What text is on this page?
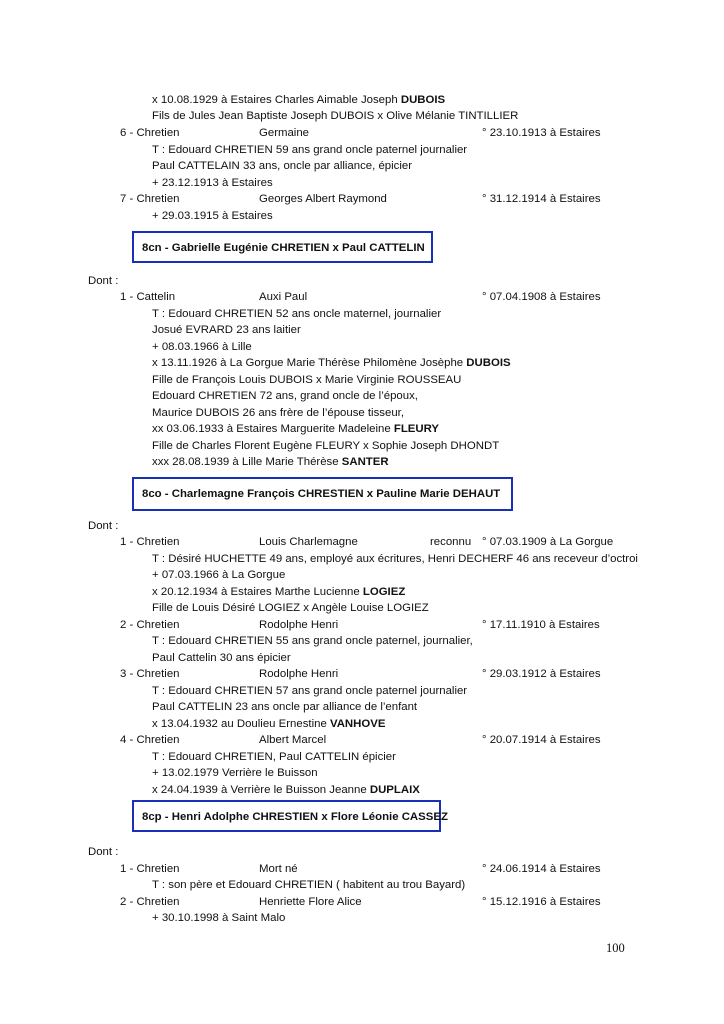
x 10.08.1929 à Estaires Charles Aimable Joseph DUBOIS
Fils de Jules Jean Baptiste Joseph DUBOIS x Olive Mélanie TINTILLIER
6 - Chretien	Germaine	° 23.10.1913 à Estaires
T : Edouard CHRETIEN 59 ans grand oncle paternel journalier
Paul CATTELAIN 33 ans, oncle par alliance, épicier
+ 23.12.1913 à Estaires
7 - Chretien	Georges Albert Raymond	° 31.12.1914 à Estaires
+ 29.03.1915 à Estaires
8cn - Gabrielle Eugénie CHRETIEN x Paul CATTELIN
Dont :
1 - Cattelin	Auxi Paul	° 07.04.1908 à Estaires
T : Edouard CHRETIEN 52 ans oncle maternel, journalier
Josué EVRARD 23 ans laitier
+ 08.03.1966 à Lille
x 13.11.1926 à La Gorgue Marie Thérèse Philomène Josèphe DUBOIS
Fille de François Louis DUBOIS x Marie Virginie ROUSSEAU
Edouard CHRETIEN 72 ans, grand oncle de l’époux,
Maurice DUBOIS 26 ans frère de l’épouse tisseur,
xx 03.06.1933 à Estaires Marguerite Madeleine FLEURY
Fille de Charles Florent Eugène FLEURY x Sophie Joseph DHONDT
xxx 28.08.1939 à Lille Marie Thérèse SANTER
8co - Charlemagne François CHRESTIEN x Pauline Marie DEHAUT
Dont :
1 - Chretien	Louis Charlemagne	reconnu ° 07.03.1909 à La Gorgue
T : Désiré HUCHETTE 49 ans, employé aux écritures, Henri DECHERF 46 ans receveur d’octroi
+ 07.03.1966 à La Gorgue
x 20.12.1934 à Estaires Marthe Lucienne LOGIEZ
Fille de Louis Désiré LOGIEZ x Angèle Louise LOGIEZ
2 - Chretien	Rodolphe Henri	° 17.11.1910 à Estaires
T : Edouard CHRETIEN 55 ans grand oncle paternel, journalier,
Paul Cattelin 30 ans épicier
3 - Chretien	Rodolphe Henri	° 29.03.1912 à Estaires
T : Edouard CHRETIEN 57 ans grand oncle paternel journalier
Paul CATTELIN 23 ans oncle par alliance de l’enfant
x 13.04.1932 au Doulieu Ernestine VANHOVE
4 - Chretien	Albert Marcel	° 20.07.1914 à Estaires
T : Edouard CHRETIEN, Paul CATTELIN épicier
+ 13.02.1979 Verrière le Buisson
x 24.04.1939 à Verrière le Buisson Jeanne DUPLAIX
8cp - Henri Adolphe CHRESTIEN x Flore Léonie CASSEZ
Dont :
1 - Chretien	Mort né	° 24.06.1914 à Estaires
T : son père et Edouard CHRETIEN ( habitent au trou Bayard)
2 - Chretien	Henriette Flore Alice	° 15.12.1916 à Estaires
+ 30.10.1998 à Saint Malo
100
